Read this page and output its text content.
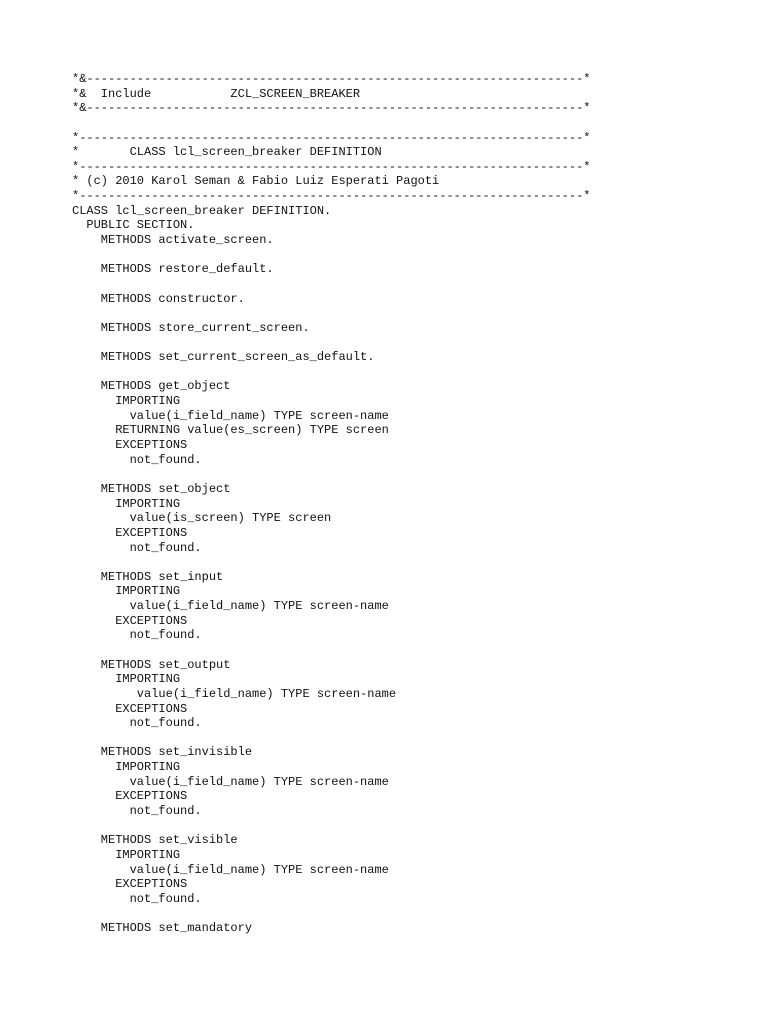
*&---------------------------------------------------------------------*
*&  Include           ZCL_SCREEN_BREAKER
*&---------------------------------------------------------------------*
*----------------------------------------------------------------------*
*       CLASS lcl_screen_breaker DEFINITION
*----------------------------------------------------------------------*
* (c) 2010 Karol Seman & Fabio Luiz Esperati Pagoti
*----------------------------------------------------------------------*
CLASS lcl_screen_breaker DEFINITION.
PUBLIC SECTION.
METHODS activate_screen.
METHODS restore_default.
METHODS constructor.
METHODS store_current_screen.
METHODS set_current_screen_as_default.
METHODS get_object
IMPORTING
value(i_field_name) TYPE screen-name
RETURNING value(es_screen) TYPE screen
EXCEPTIONS
not_found.
METHODS set_object
IMPORTING
value(is_screen) TYPE screen
EXCEPTIONS
not_found.
METHODS set_input
IMPORTING
value(i_field_name) TYPE screen-name
EXCEPTIONS
not_found.
METHODS set_output
IMPORTING
value(i_field_name) TYPE screen-name
EXCEPTIONS
not_found.
METHODS set_invisible
IMPORTING
value(i_field_name) TYPE screen-name
EXCEPTIONS
not_found.
METHODS set_visible
IMPORTING
value(i_field_name) TYPE screen-name
EXCEPTIONS
not_found.
METHODS set_mandatory
